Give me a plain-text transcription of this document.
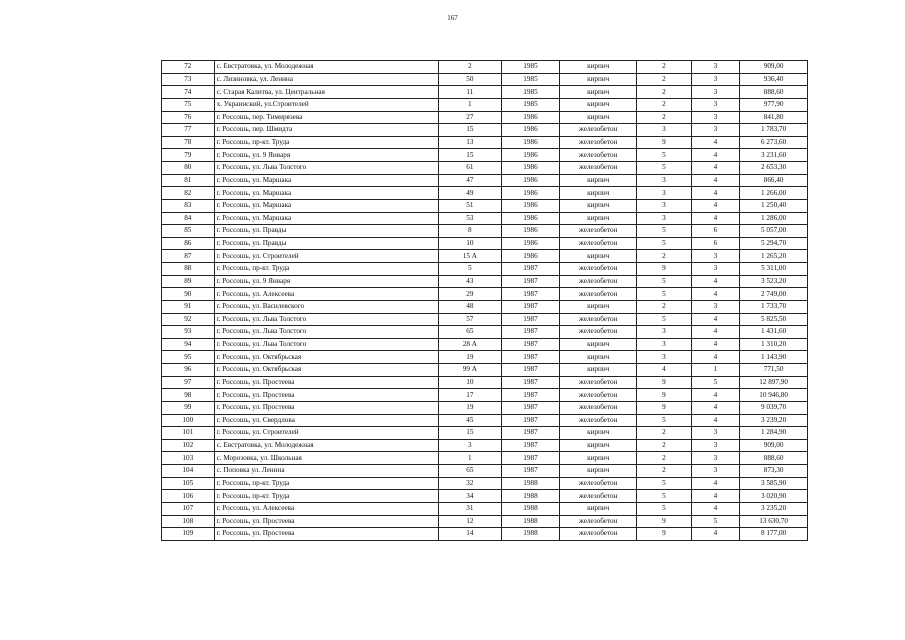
167
72	с. Евстратовка, ул. Молодежная	2	1985	кирпич	2	3	909,00
73	с. Лизиновка, ул. Ленина	50	1985	кирпич	2	3	936,40
74	с. Старая Калитва, ул. Центральная	11	1985	кирпич	2	3	888,60
75	х. Украинский, ул.Строителей	1	1985	кирпич	2	3	977,90
76	г. Россошь, пер. Тимирязева	27	1986	кирпич	2	3	841,80
77	г. Россошь, пер. Шмидта	15	1986	железобетон	3	3	1 783,70
78	г. Россошь, пр-кт. Труда	13	1986	железобетон	9	4	6 273,60
79	г. Россошь, ул. 9 Января	15	1986	железобетон	5	4	3 231,60
80	г. Россошь, ул. Льва Толстого	61	1986	железобетон	5	4	2 653,30
81	г. Россошь, ул. Маршака	47	1986	кирпич	3	4	866,40
82	г. Россошь, ул. Маршака	49	1986	кирпич	3	4	1 266,00
83	г. Россошь, ул. Маршака	51	1986	кирпич	3	4	1 250,40
84	г. Россошь, ул. Маршака	53	1986	кирпич	3	4	1 286,00
85	г. Россошь, ул. Правды	8	1986	железобетон	5	6	5 057,00
86	г. Россошь, ул. Правды	10	1986	железобетон	5	6	5 294,70
87	г. Россошь, ул. Строителей	15 А	1986	кирпич	2	3	1 265,20
88	г. Россошь, пр-кт. Труда	5	1987	железобетон	9	3	5 311,00
89	г. Россошь, ул. 9 Января	43	1987	железобетон	5	4	3 523,20
90	г. Россошь, ул. Алексеева	29	1987	железобетон	5	4	2 749,00
91	г. Россошь, ул. Василевского	48	1987	кирпич	2	3	1 733,70
92	г. Россошь, ул. Льва Толстого	57	1987	железобетон	5	4	5 825,50
93	г. Россошь, ул. Льва Толстого	65	1987	железобетон	3	4	1 431,60
94	г. Россошь, ул. Льва Толстого	28 А	1987	кирпич	3	4	1 310,20
95	г. Россошь, ул. Октябрьская	19	1987	кирпич	3	4	1 143,90
96	г. Россошь, ул. Октябрьская	99 А	1987	кирпич	4	1	771,50
97	г. Россошь, ул. Простеева	10	1987	железобетон	9	5	12 897,90
98	г. Россошь, ул. Простеева	17	1987	железобетон	9	4	10 946,80
99	г. Россошь, ул. Простеева	19	1987	железобетон	9	4	9 039,70
100	г. Россошь, ул. Свердлова	45	1987	железобетон	5	4	3 239,20
101	г. Россошь, ул. Строителей	15	1987	кирпич	2	3	1 284,90
102	с. Евстратовка, ул. Молодежная	3	1987	кирпич	2	3	909,00
103	с. Морозовка, ул. Школьная	1	1987	кирпич	2	3	888,60
104	с. Поповка ул. Ленина	65	1987	кирпич	2	3	873,30
105	г. Россошь, пр-кт. Труда	32	1988	железобетон	5	4	3 585,90
106	г. Россошь, пр-кт. Труда	34	1988	железобетон	5	4	3 020,90
107	г. Россошь, ул. Алексеева	31	1988	кирпич	5	4	3 235,20
108	г. Россошь, ул. Простеева	12	1988	железобетон	9	5	13 630,70
109	г. Россошь, ул. Простеева	14	1988	железобетон	9	4	8 177,00
